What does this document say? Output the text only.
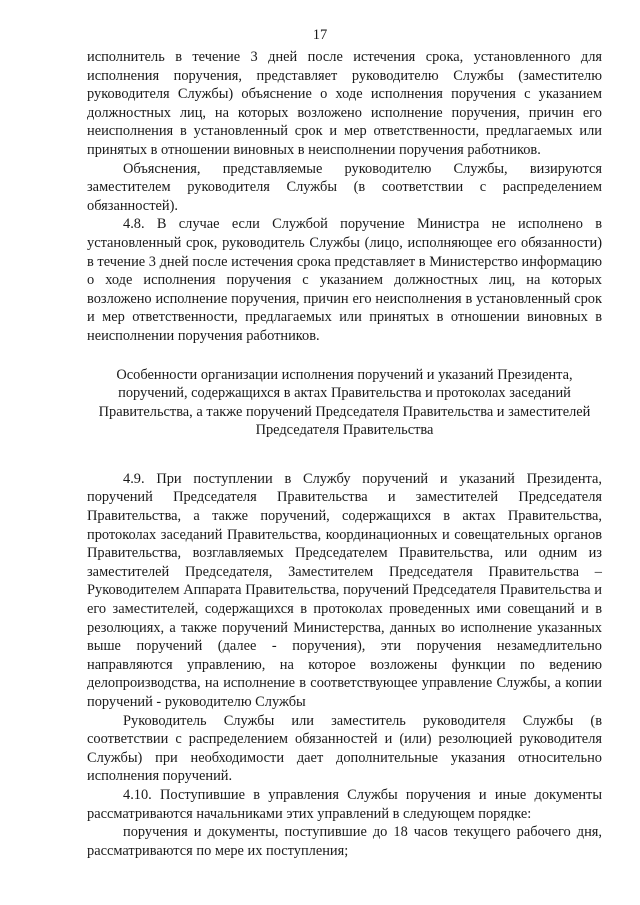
17

исполнитель в течение 3 дней после истечения срока, установленного для исполнения поручения, представляет руководителю Службы (заместителю руководителя Службы) объяснение о ходе исполнения поручения с указанием должностных лиц, на которых возложено исполнение поручения, причин его неисполнения в установленный срок и мер ответственности, предлагаемых или принятых в отношении виновных в неисполнении поручения работников.

Объяснения, представляемые руководителю Службы, визируются заместителем руководителя Службы (в соответствии с распределением обязанностей).

4.8. В случае если Службой поручение Министра не исполнено в установленный срок, руководитель Службы (лицо, исполняющее его обязанности) в течение 3 дней после истечения срока представляет в Министерство информацию о ходе исполнения поручения с указанием должностных лиц, на которых возложено исполнение поручения, причин его неисполнения в установленный срок и мер ответственности, предлагаемых или принятых в отношении виновных в неисполнении поручения работников.

Особенности организации исполнения поручений и указаний Президента, поручений, содержащихся в актах Правительства и протоколах заседаний Правительства, а также поручений Председателя Правительства и заместителей Председателя Правительства

4.9. При поступлении в Службу поручений и указаний Президента, поручений Председателя Правительства и заместителей Председателя Правительства, а также поручений, содержащихся в актах Правительства, протоколах заседаний Правительства, координационных и совещательных органов Правительства, возглавляемых Председателем Правительства, или одним из заместителей Председателя, Заместителем Председателя Правительства – Руководителем Аппарата Правительства, поручений Председателя Правительства и его заместителей, содержащихся в протоколах проведенных ими совещаний и в резолюциях, а также поручений Министерства, данных во исполнение указанных выше поручений (далее - поручения), эти поручения незамедлительно направляются управлению, на которое возложены функции по ведению делопроизводства, на исполнение в соответствующее управление Службы, а копии поручений - руководителю Службы

Руководитель Службы или заместитель руководителя Службы (в соответствии с распределением обязанностей и (или) резолюцией руководителя Службы) при необходимости дает дополнительные указания относительно исполнения поручений.

4.10. Поступившие в управления Службы поручения и иные документы рассматриваются начальниками этих управлений в следующем порядке:

поручения и документы, поступившие до 18 часов текущего рабочего дня, рассматриваются по мере их поступления;
